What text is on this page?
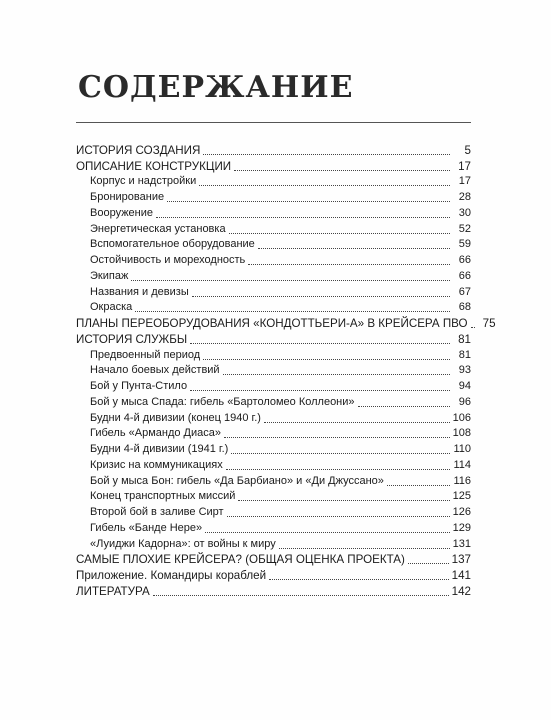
СОДЕРЖАНИЕ
ИСТОРИЯ СОЗДАНИЯ	5
ОПИСАНИЕ КОНСТРУКЦИИ	17
Корпус и надстройки	17
Бронирование	28
Вооружение	30
Энергетическая установка	52
Вспомогательное оборудование	59
Остойчивость и мореходность	66
Экипаж	66
Названия и девизы	67
Окраска	68
ПЛАНЫ ПЕРЕОБОРУДОВАНИЯ «КОНДОТТЬЕРИ-А» В КРЕЙСЕРА ПВО	75
ИСТОРИЯ СЛУЖБЫ	81
Предвоенный период	81
Начало боевых действий	93
Бой у Пунта-Стило	94
Бой у мыса Спада: гибель «Бартоломео Коллеони»	96
Будни 4-й дивизии (конец 1940 г.)	106
Гибель «Армандо Диаса»	108
Будни 4-й дивизии (1941 г.)	110
Кризис на коммуникациях	114
Бой у мыса Бон: гибель «Да Барбиано» и «Ди Джуссано»	116
Конец транспортных миссий	125
Второй бой в заливе Сирт	126
Гибель «Банде Нере»	129
«Луиджи Кадорна»: от войны к миру	131
САМЫЕ ПЛОХИЕ КРЕЙСЕРА? (ОБЩАЯ ОЦЕНКА ПРОЕКТА)	137
Приложение. Командиры кораблей	141
ЛИТЕРАТУРА	142
